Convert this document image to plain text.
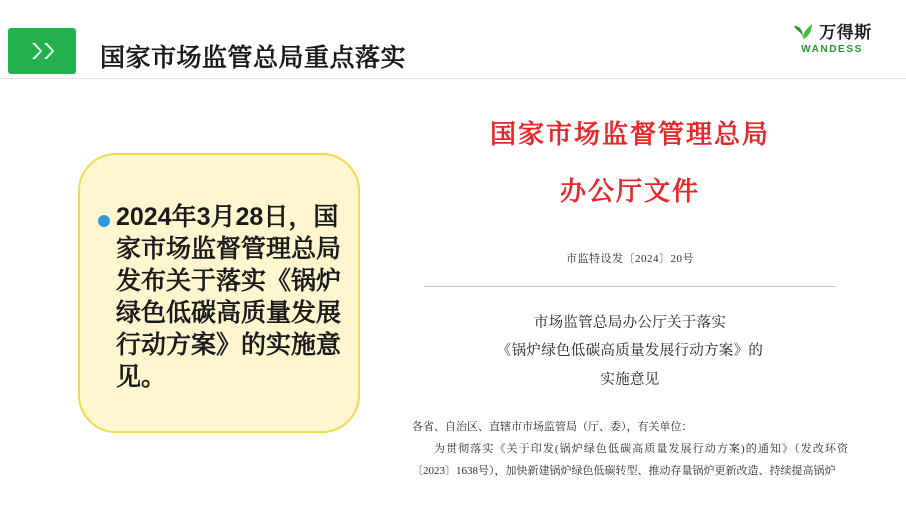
国家市场监管总局重点落实
万得斯
WANDESS
2024年3月28日，国家市场监督管理总局发布关于落实《锅炉绿色低碳高质量发展行动方案》的实施意见。
国家市场监督管理总局
办公厅文件
市监特设发〔2024〕20号
市场监管总局办公厅关于落实
《锅炉绿色低碳高质量发展行动方案》的
实施意见

各省、自治区、直辖市市场监管局（厅、委），有关单位：

为贯彻落实《关于印发(锅炉绿色低碳高质量发展行动方案)的通知》（发改环资〔2023〕1638号），加快新建锅炉绿色低碳转型、推动存量锅炉更新改造、持续提高锅炉
